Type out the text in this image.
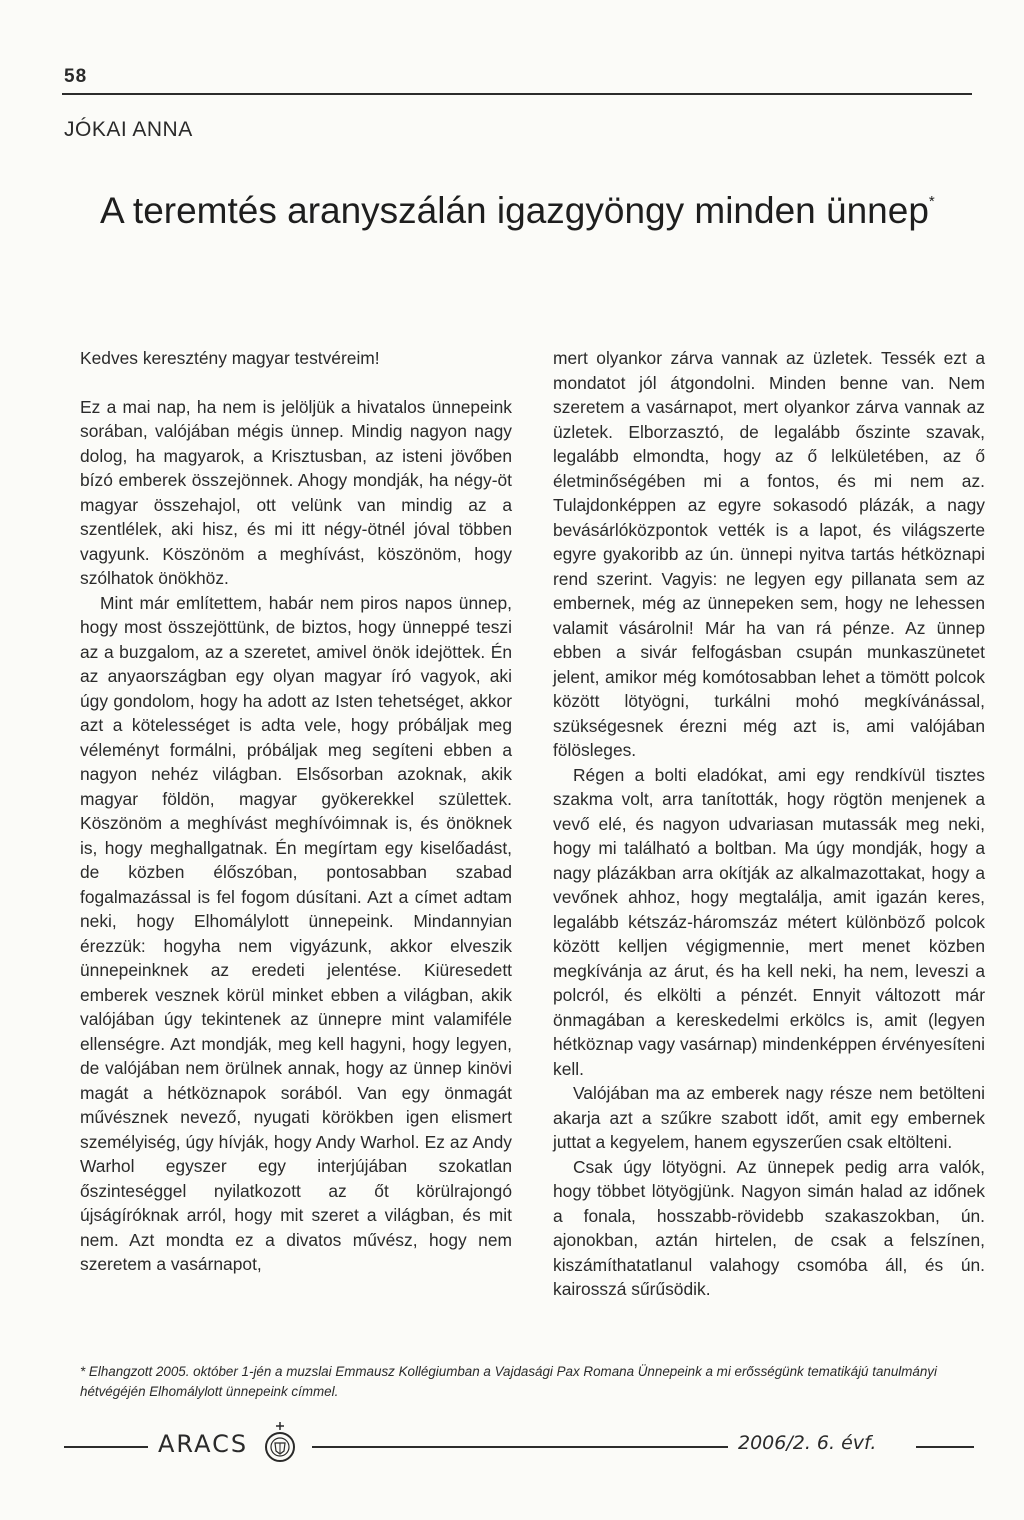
58
JÓKAI ANNA
A teremtés aranyszálán igazgyöngy minden ünnep*

Kedves keresztény magyar testvéreim!

Ez a mai nap, ha nem is jelöljük a hivatalos ünnepeink sorában, valójában mégis ünnep. Mindig nagyon nagy dolog, ha magyarok, a Krisztusban, az isteni jövőben bízó emberek összejönnek. Ahogy mondják, ha négy-öt magyar összehajol, ott velünk van mindig az a szentlélek, aki hisz, és mi itt négy-ötnél jóval többen vagyunk. Köszönöm a meghívást, köszönöm, hogy szólhatok önökhöz.

Mint már említettem, habár nem piros napos ünnep, hogy most összejöttünk, de biztos, hogy ünneppé teszi az a buzgalom, az a szeretet, amivel önök idejöttek. Én az anyaországban egy olyan magyar író vagyok, aki úgy gondolom, hogy ha adott az Isten tehetséget, akkor azt a kötelességet is adta vele, hogy próbáljak meg véleményt formálni, próbáljak meg segíteni ebben a nagyon nehéz világban. Elsősorban azoknak, akik magyar földön, magyar gyökerekkel születtek. Köszönöm a meghívást meghívóimnak is, és önöknek is, hogy meghallgatnak. Én megírtam egy kiselőadást, de közben élőszóban, pontosabban szabad fogalmazással is fel fogom dúsítani. Azt a címet adtam neki, hogy Elhomálylott ünnepeink. Mindannyian érezzük: hogyha nem vigyázunk, akkor elveszik ünnepeinknek az eredeti jelentése. Kiüresedett emberek vesznek körül minket ebben a világban, akik valójában úgy tekintenek az ünnepre mint valamiféle ellenségre. Azt mondják, meg kell hagyni, hogy legyen, de valójában nem örülnek annak, hogy az ünnep kinövi magát a hétköznapok sorából. Van egy önmagát művésznek nevező, nyugati körökben igen elismert személyiség, úgy hívják, hogy Andy Warhol. Ez az Andy Warhol egyszer egy interjújában szokatlan őszinteséggel nyilatkozott az őt körülrajongó újságíróknak arról, hogy mit szeret a világban, és mit nem. Azt mondta ez a divatos művész, hogy nem szeretem a vasárnapot,

mert olyankor zárva vannak az üzletek. Tessék ezt a mondatot jól átgondolni. Minden benne van. Nem szeretem a vasárnapot, mert olyankor zárva vannak az üzletek. Elborzasztó, de legalább őszinte szavak, legalább elmondta, hogy az ő lelkületében, az ő életminőségében mi a fontos, és mi nem az. Tulajdonképpen az egyre sokasodó plázák, a nagy bevásárlóközpontok vették is a lapot, és világszerte egyre gyakoribb az ún. ünnepi nyitva tartás hétköznapi rend szerint. Vagyis: ne legyen egy pillanata sem az embernek, még az ünnepeken sem, hogy ne lehessen valamit vásárolni! Már ha van rá pénze. Az ünnep ebben a sivár felfogásban csupán munkaszünetet jelent, amikor még komótosabban lehet a tömött polcok között lötyögni, turkálni mohó megkívánással, szükségesnek érezni még azt is, ami valójában fölösleges.

Régen a bolti eladókat, ami egy rendkívül tisztes szakma volt, arra tanították, hogy rögtön menjenek a vevő elé, és nagyon udvariasan mutassák meg neki, hogy mi található a boltban. Ma úgy mondják, hogy a nagy plázákban arra okítják az alkalmazottakat, hogy a vevőnek ahhoz, hogy megtalálja, amit igazán keres, legalább kétszáz-háromszáz métert különböző polcok között kelljen végigmennie, mert menet közben megkívánja az árut, és ha kell neki, ha nem, leveszi a polcról, és elkölti a pénzét. Ennyit változott már önmagában a kereskedelmi erkölcs is, amit (legyen hétköznap vagy vasárnap) mindenképpen érvényesíteni kell.

Valójában ma az emberek nagy része nem betölteni akarja azt a szűkre szabott időt, amit egy embernek juttat a kegyelem, hanem egyszerűen csak eltölteni.

Csak úgy lötyögni. Az ünnepek pedig arra valók, hogy többet lötyögjünk. Nagyon simán halad az időnek a fonala, hosszabb-rövidebb szakaszokban, ún. ajonokban, aztán hirtelen, de csak a felszínen, kiszámíthatatlanul valahogy csomóba áll, és ún. kairosszá sűrűsödik.

* Elhangzott 2005. október 1-jén a muzslai Emmausz Kollégiumban a Vajdasági Pax Romana Ünnepeink a mi erősségünk tematikájú tanulmányi hétvégéjén Elhomálylott ünnepeink címmel.
ARACS	2006/2. 6. évf.
